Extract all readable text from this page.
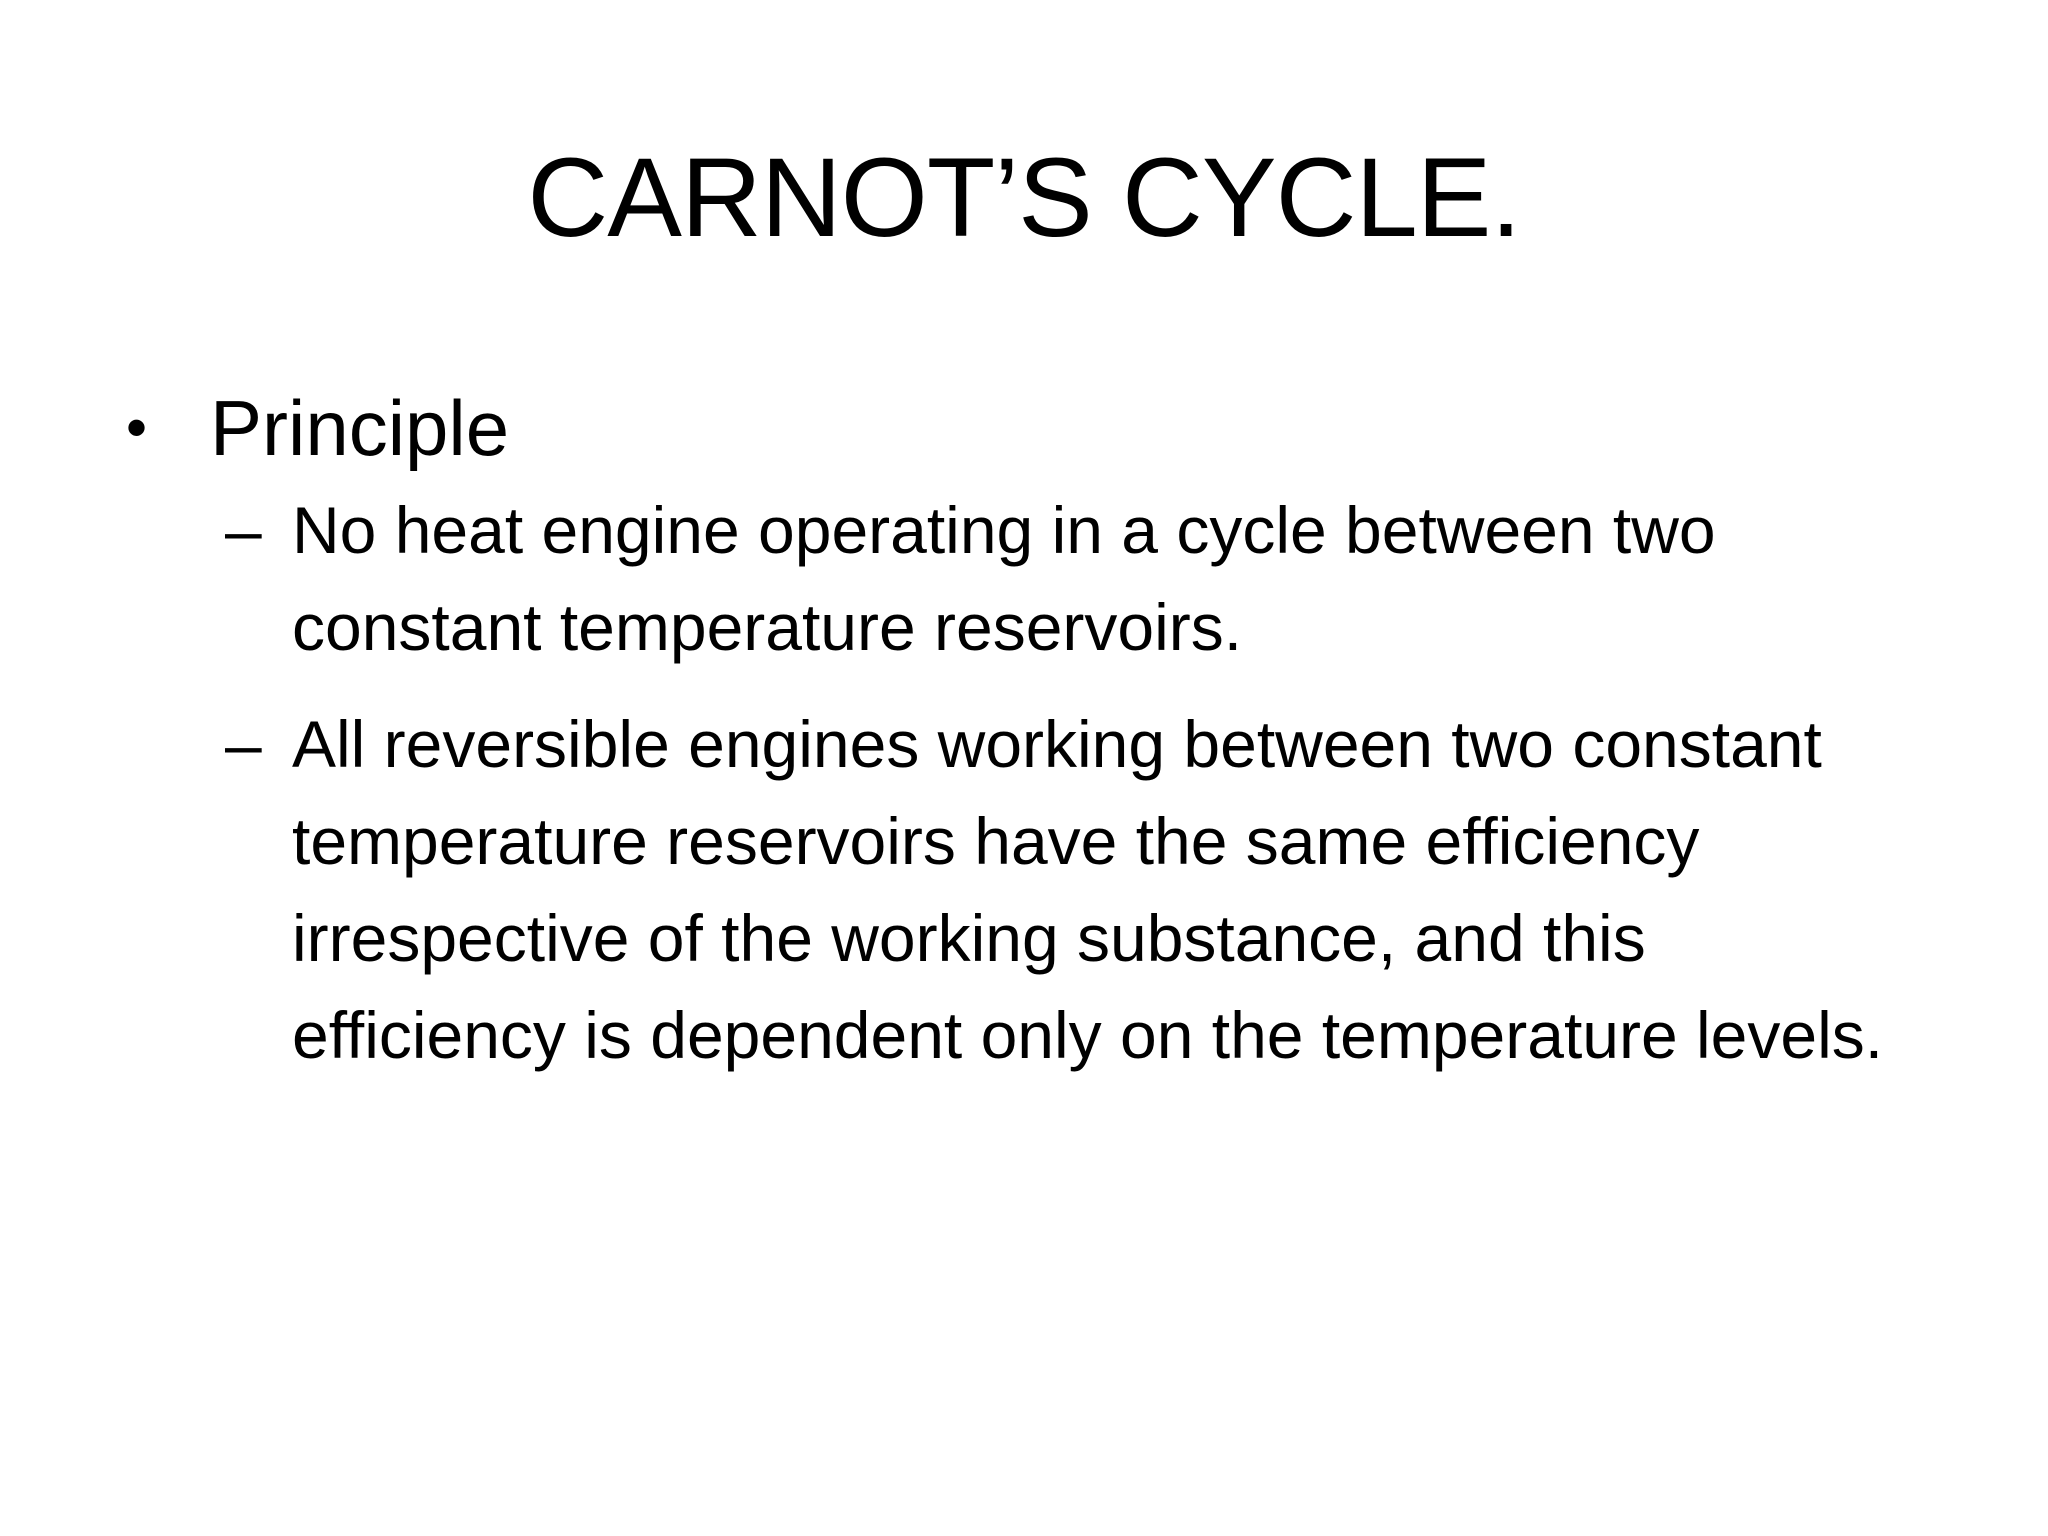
CARNOT’S CYCLE.
• Principle
– No heat engine operating in a cycle between two constant temperature reservoirs.
– All reversible engines working between two constant temperature reservoirs have the same efficiency irrespective of the working substance, and this efficiency is dependent only on the temperature levels.
